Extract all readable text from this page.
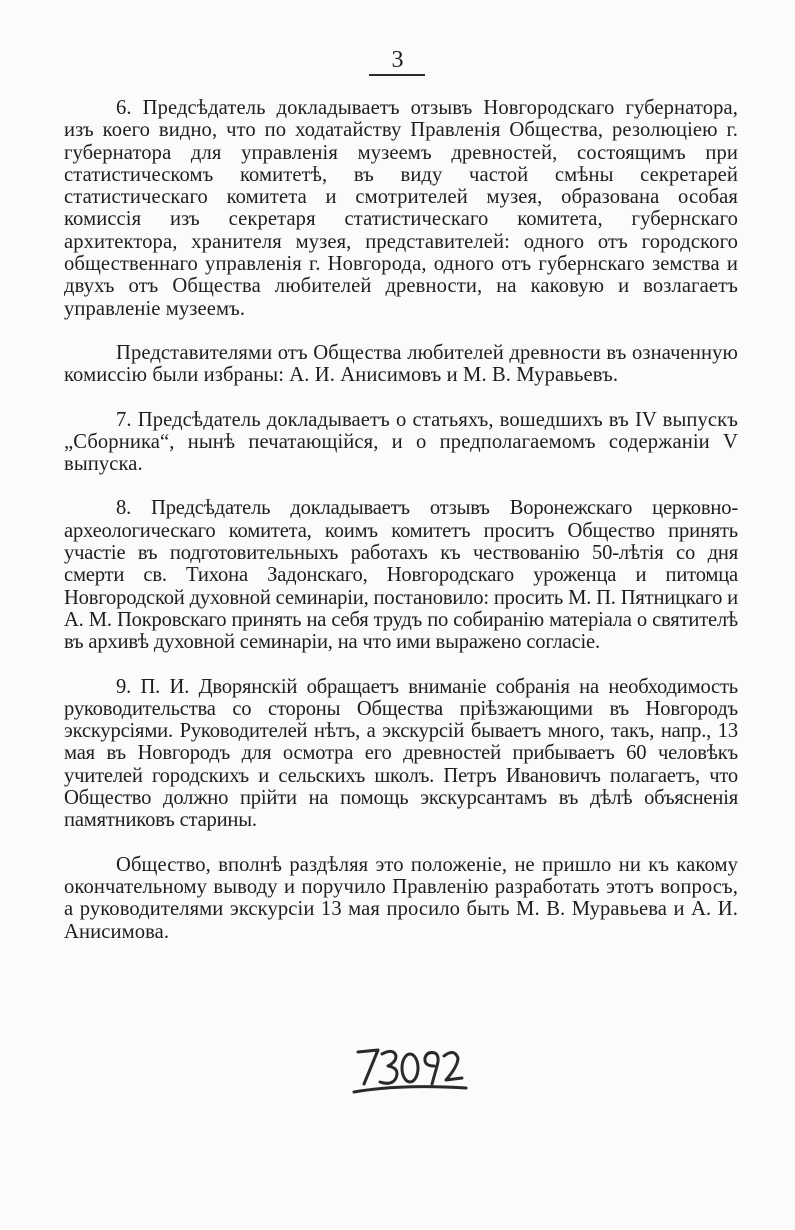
3

6. Предсѣдатель докладываетъ отзывъ Новгородскаго губернатора, изъ коего видно, что по ходатайству Правленія Общества, резолюціею г. губернатора для управленія музеемъ древностей, состоящимъ при статистическомъ комитетѣ, въ виду частой смѣны секретарей статистическаго комитета и смотрителей музея, образована особая комиссія изъ секретаря статистическаго комитета, губернскаго архитектора, хранителя музея, представителей: одного отъ городского общественнаго управленія г. Новгорода, одного отъ губернскаго земства и двухъ отъ Общества любителей древности, на каковую и возлагаетъ управленіе музеемъ.

Представителями отъ Общества любителей древности въ означенную комиссію были избраны: А. И. Анисимовъ и М. В. Муравьевъ.

7. Предсѣдатель докладываетъ о статьяхъ, вошедшихъ въ IV выпускъ „Сборника“, нынѣ печатающійся, и о предполагаемомъ содержаніи V выпуска.

8. Предсѣдатель докладываетъ отзывъ Воронежскаго церковно-археологическаго комитета, коимъ комитетъ проситъ Общество принять участіе въ подготовительныхъ работахъ къ чествованію 50-лѣтія со дня смерти св. Тихона Задонскаго, Новгородскаго уроженца и питомца Новгородской духовной семинаріи, постановило: просить М. П. Пятницкаго и А. М. Покровскаго принять на себя трудъ по собиранію матеріала о святителѣ въ архивѣ духовной семинаріи, на что ими выражено согласіе.

9. П. И. Дворянскій обращаетъ вниманіе собранія на необходимость руководительства со стороны Общества пріѣзжающими въ Новгородъ экскурсіями. Руководителей нѣтъ, а экскурсій бываетъ много, такъ, напр., 13 мая въ Новгородъ для осмотра его древностей прибываетъ 60 человѣкъ учителей городскихъ и сельскихъ школъ. Петръ Ивановичъ полагаетъ, что Общество должно прійти на помощь экскурсантамъ въ дѣлѣ объясненія памятниковъ старины.

Общество, вполнѣ раздѣляя это положеніе, не пришло ни къ какому окончательному выводу и поручило Правленію разработать этотъ вопросъ, а руководителями экскурсіи 13 мая просило быть М. В. Муравьева и А. И. Анисимова.
